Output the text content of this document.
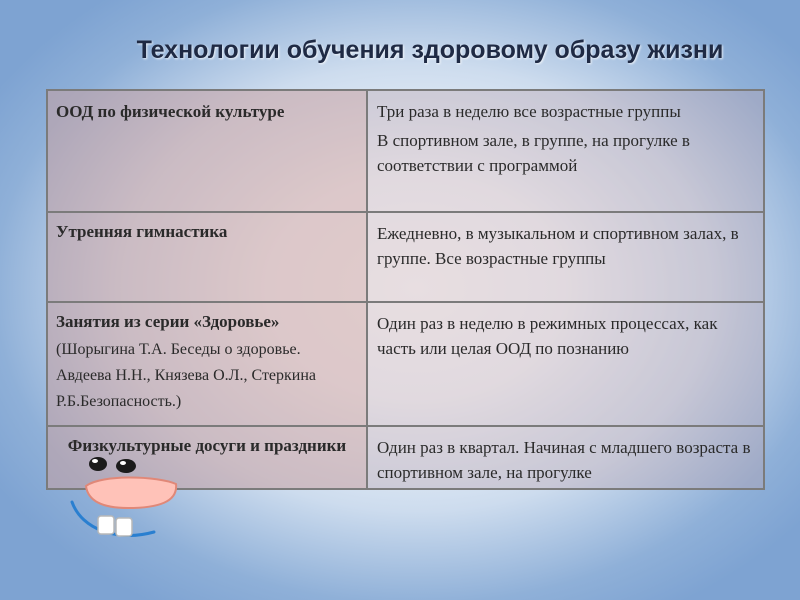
Технологии обучения здоровому образу жизни
ООД по физической культуре	Три раза в неделю все возрастные группы
В спортивном зале, в группе, на прогулке в соответствии с программой

Утренняя гимнастика	Ежедневно, в музыкальном и спортивном залах, в группе. Все возрастные группы

Занятия из серии «Здоровье»
(Шорыгина Т.А. Беседы о здоровье. Авдеева Н.Н., Князева О.Л., Стеркина Р.Б.Безопасность.)	Один раз в неделю в режимных процессах, как часть или целая ООД по познанию

Физкультурные досуги и праздники	Один раз в квартал. Начиная с младшего возраста в спортивном зале, на прогулке
